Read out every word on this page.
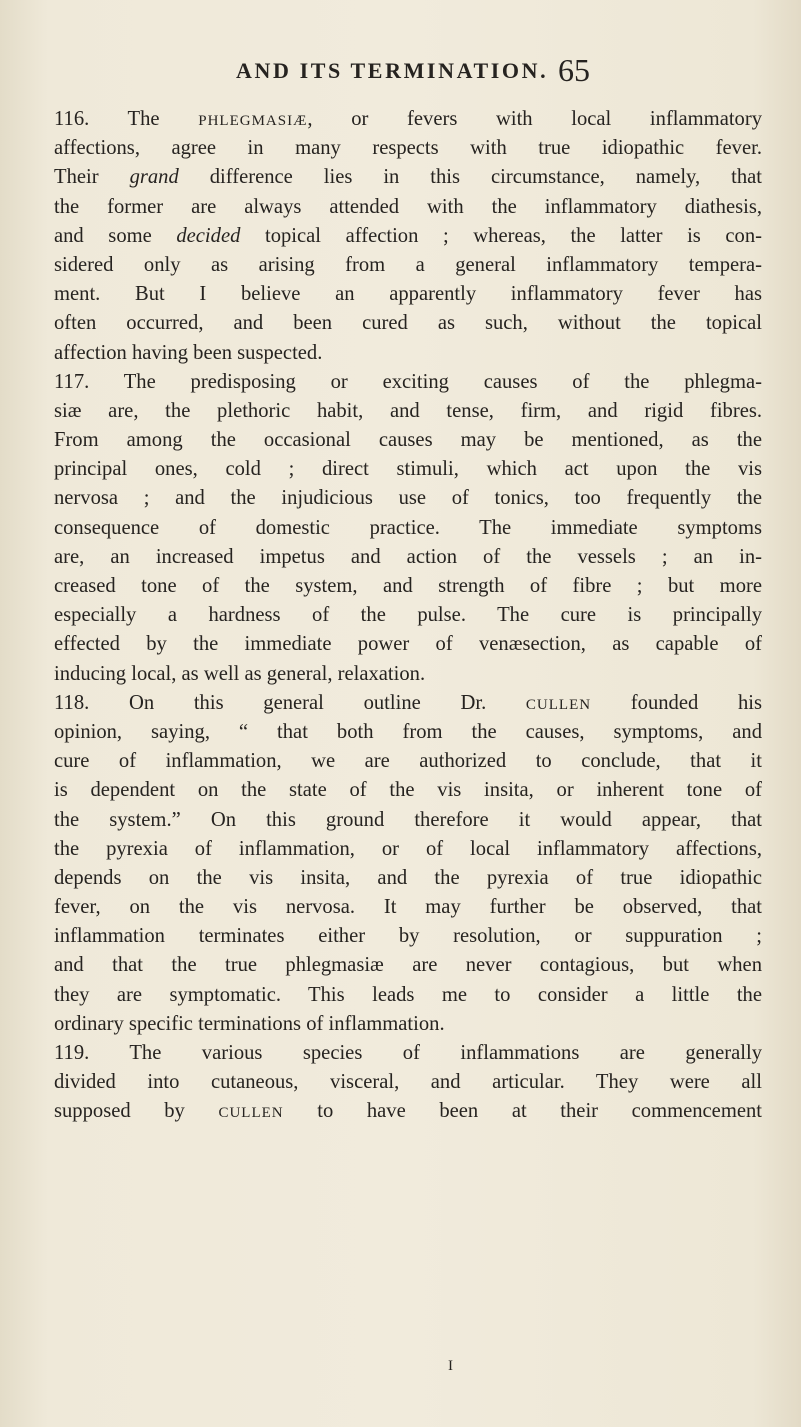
AND ITS TERMINATION. 65
116. The PHLEGMASIÆ, or fevers with local inflammatory
affections, agree in many respects with true idiopathic fever.
Their grand difference lies in this circumstance, namely, that
the former are always attended with the inflammatory diathesis,
and some decided topical affection ; whereas, the latter is con-
sidered only as arising from a general inflammatory tempera-
ment. But I believe an apparently inflammatory fever has
often occurred, and been cured as such, without the topical
affection having been suspected.
117. The predisposing or exciting causes of the phlegma-
siæ are, the plethoric habit, and tense, firm, and rigid fibres.
From among the occasional causes may be mentioned, as the
principal ones, cold ; direct stimuli, which act upon the vis
nervosa ; and the injudicious use of tonics, too frequently the
consequence of domestic practice. The immediate symptoms
are, an increased impetus and action of the vessels ; an in-
creased tone of the system, and strength of fibre ; but more
especially a hardness of the pulse. The cure is principally
effected by the immediate power of venæsection, as capable of
inducing local, as well as general, relaxation.
118. On this general outline Dr. CULLEN founded his
opinion, saying, “ that both from the causes, symptoms, and
cure of inflammation, we are authorized to conclude, that it
is dependent on the state of the vis insita, or inherent tone of
the system.” On this ground therefore it would appear, that
the pyrexia of inflammation, or of local inflammatory affections,
depends on the vis insita, and the pyrexia of true idiopathic
fever, on the vis nervosa. It may further be observed, that
inflammation terminates either by resolution, or suppuration ;
and that the true phlegmasiæ are never contagious, but when
they are symptomatic. This leads me to consider a little the
ordinary specific terminations of inflammation.
119. The various species of inflammations are generally
divided into cutaneous, visceral, and articular. They were all
supposed by CULLEN to have been at their commencement
I
